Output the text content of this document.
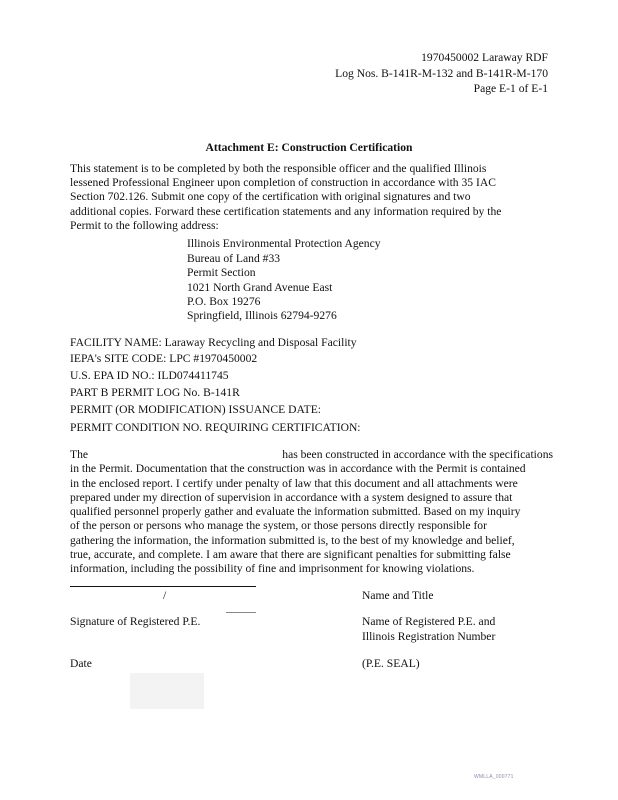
1970450002 Laraway RDF
Log Nos. B-141R-M-132 and B-141R-M-170
Page E-1 of E-1
Attachment E: Construction Certification
This statement is to be completed by both the responsible officer and the qualified Illinois
lessened Professional Engineer upon completion of construction in accordance with 35 IAC
Section 702.126. Submit one copy of the certification with original signatures and two
additional copies. Forward these certification statements and any information required by the
Permit to the following address:
Illinois Environmental Protection Agency
Bureau of Land #33
Permit Section
1021 North Grand Avenue East
P.O. Box 19276
Springfield, Illinois 62794-9276
FACILITY NAME: Laraway Recycling and Disposal Facility
IEPA's SITE CODE: LPC #1970450002
U.S. EPA ID NO.: ILD074411745
PART B PERMIT LOG No. B-141R
PERMIT (OR MODIFICATION) ISSUANCE DATE:
PERMIT CONDITION NO. REQUIRING CERTIFICATION:
The	has been constructed in accordance with the specifications
in the Permit. Documentation that the construction was in accordance with the Permit is contained
in the enclosed report. I certify under penalty of law that this document and all attachments were
prepared under my direction of supervision in accordance with a system designed to assure that
qualified personnel properly gather and evaluate the information submitted. Based on my inquiry
of the person or persons who manage the system, or those persons directly responsible for
gathering the information, the information submitted is, to the best of my knowledge and belief,
true, accurate, and complete. I am aware that there are significant penalties for submitting false
information, including the possibility of fine and imprisonment for knowing violations.
/	Name and Title
Signature of Registered P.E.	Name of Registered P.E. and
Illinois Registration Number
Date	(P.E. SEAL)
WMLLA_000771
